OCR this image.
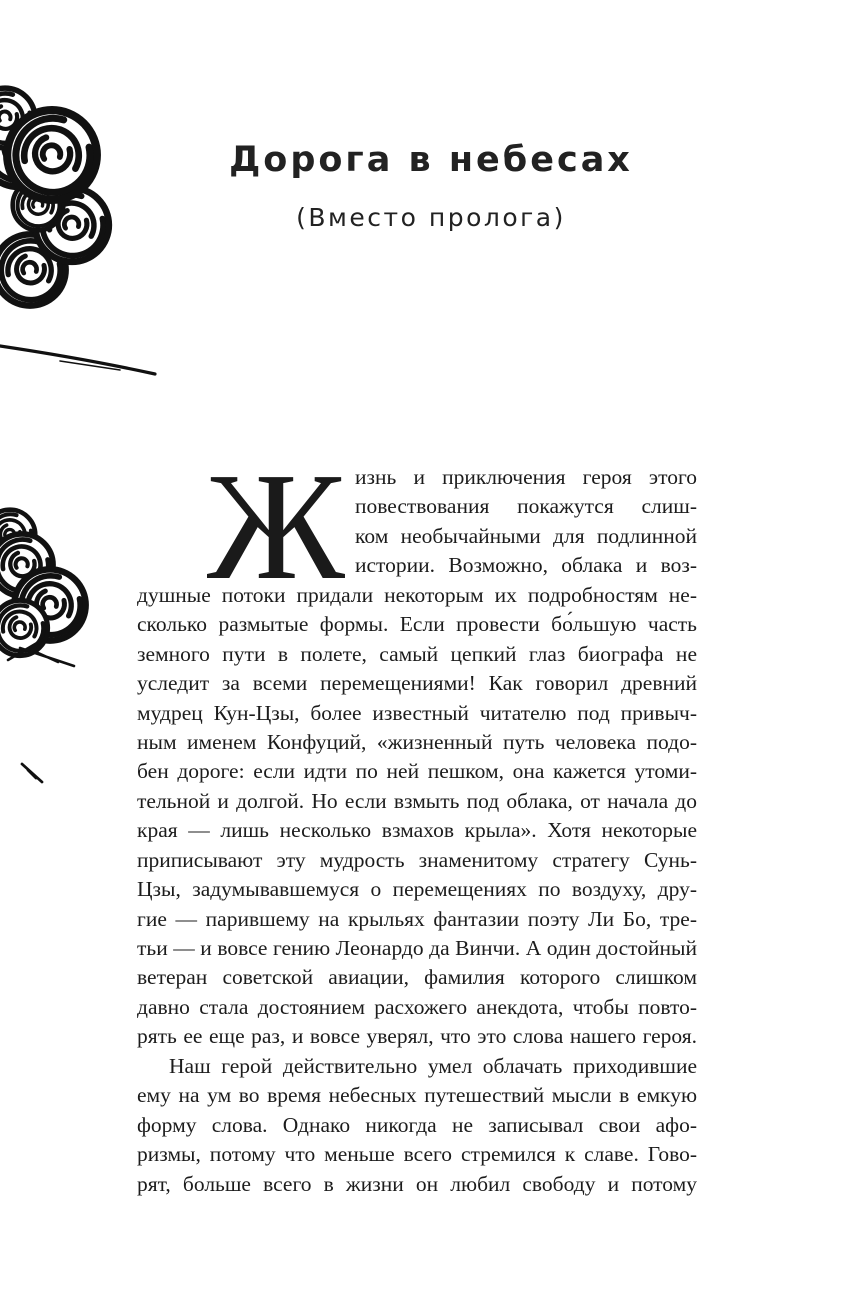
Дорога в небесах
(Вместо пролога)
Ж изнь и приключения героя этого
повествования покажутся слиш-
ком необычайными для подлинной
истории. Возможно, облака и воз-
душные потоки придали некоторым их подробностям не-
сколько размытые формы. Если провести бо́льшую часть
земного пути в полете, самый цепкий глаз биографа не
уследит за всеми перемещениями! Как говорил древний
мудрец Кун-Цзы, более известный читателю под привыч-
ным именем Конфуций, «жизненный путь человека подо-
бен дороге: если идти по ней пешком, она кажется утоми-
тельной и долгой. Но если взмыть под облака, от начала до
края — лишь несколько взмахов крыла». Хотя некоторые
приписывают эту мудрость знаменитому стратегу Сунь-
Цзы, задумывавшемуся о перемещениях по воздуху, дру-
гие — парившему на крыльях фантазии поэту Ли Бо, тре-
тьи — и вовсе гению Леонардо да Винчи. А один достойный
ветеран советской авиации, фамилия которого слишком
давно стала достоянием расхожего анекдота, чтобы повто-
рять ее еще раз, и вовсе уверял, что это слова нашего героя.
Наш герой действительно умел облачать приходившие
ему на ум во время небесных путешествий мысли в емкую
форму слова. Однако никогда не записывал свои афо-
ризмы, потому что меньше всего стремился к славе. Гово-
рят, больше всего в жизни он любил свободу и потому
